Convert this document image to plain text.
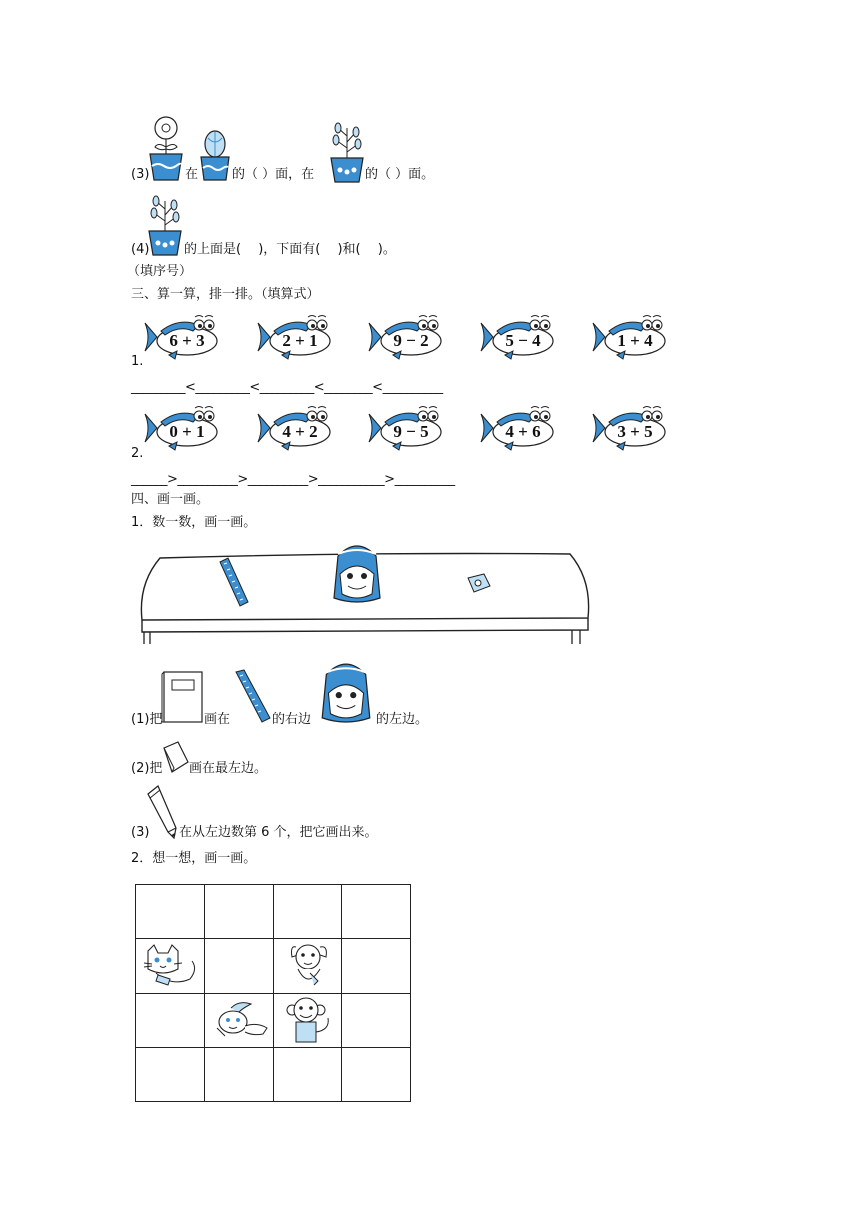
(3)	在	的（ ）面，在	的（ ）面。
(4)	的上面是(　 )，下面有(　 )和(　 )。
（填序号）
三、算一算，排一排。（填算式）
6 + 3	2 + 1	9 − 2	5 − 4	1 + 4
1.
_________<_________<_________<________<__________
0 + 1	4 + 2	9 − 5	4 + 6	3 + 5
2.
______>__________>__________>___________>__________
四、画一画。
1．数一数，画一画。
(1)把	画在	的右边	的左边。
(2)把 画在最左边。
(3) 在从左边数第 6 个，把它画出来。
2．想一想，画一画。
